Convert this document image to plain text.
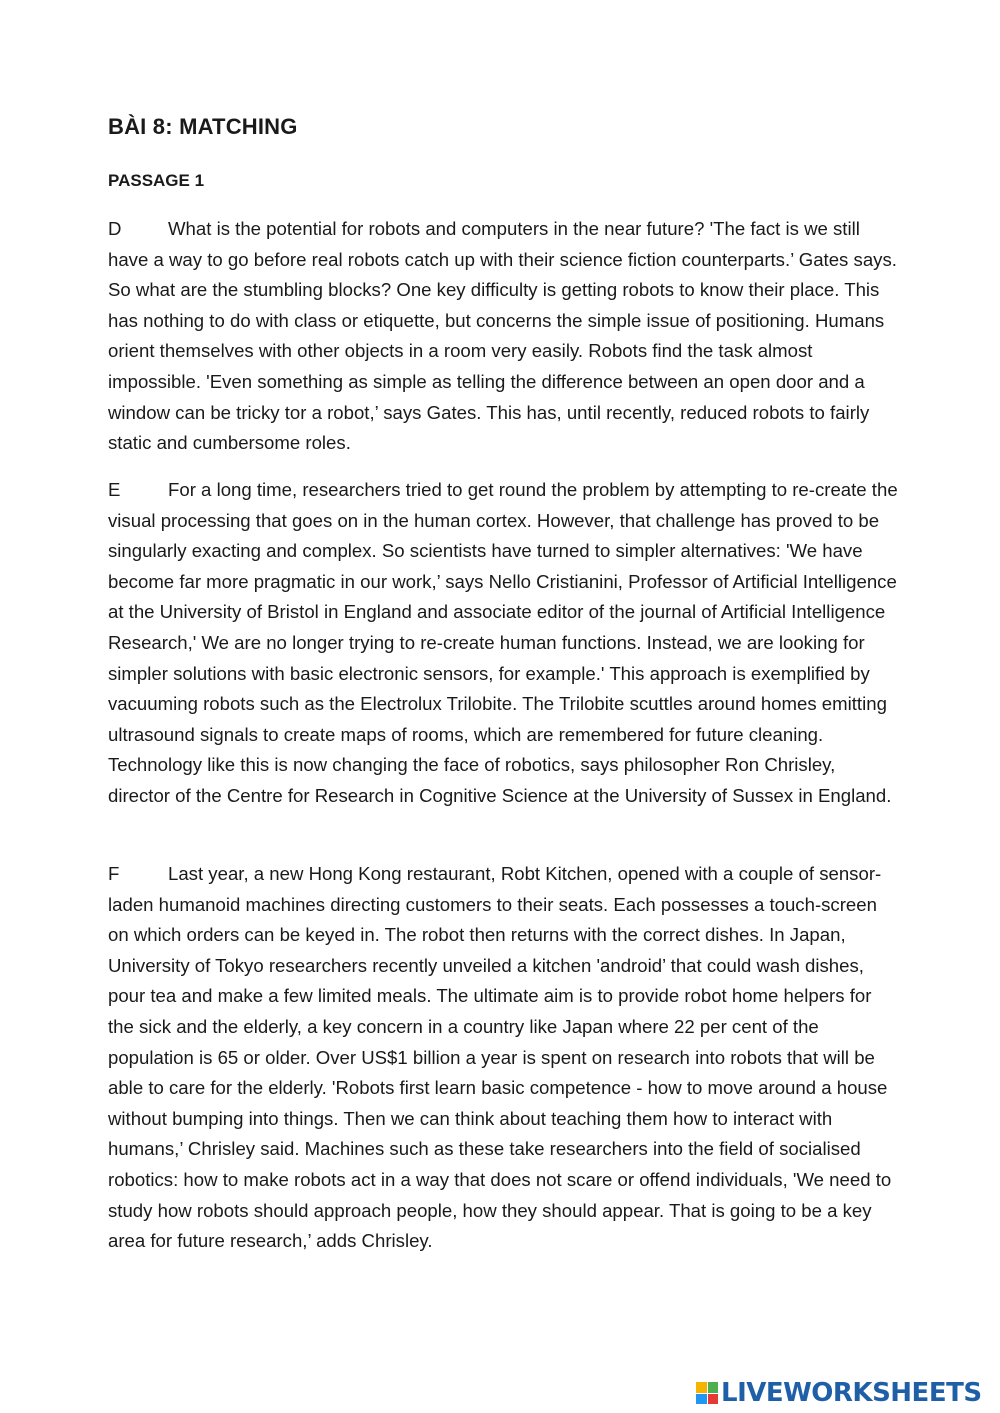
BÀI 8: MATCHING
PASSAGE 1

D	What is the potential for robots and computers in the near future? 'The fact is we still have a way to go before real robots catch up with their science fiction counterparts.’ Gates says. So what are the stumbling blocks? One key difficulty is getting robots to know their place. This has nothing to do with class or etiquette, but concerns the simple issue of positioning. Humans orient themselves with other objects in a room very easily. Robots find the task almost impossible. 'Even something as simple as telling the difference between an open door and a window can be tricky tor a robot,’ says Gates. This has, until recently, reduced robots to fairly static and cumbersome roles.

E	For a long time, researchers tried to get round the problem by attempting to re-create the visual processing that goes on in the human cortex. However, that challenge has proved to be singularly exacting and complex. So scientists have turned to simpler alternatives: 'We have become far more pragmatic in our work,’ says Nello Cristianini, Professor of Artificial Intelligence at the University of Bristol in England and associate editor of the journal of Artificial Intelligence Research,' We are no longer trying to re-create human functions. Instead, we are looking for simpler solutions with basic electronic sensors, for example.' This approach is exemplified by vacuuming robots such as the Electrolux Trilobite. The Trilobite scuttles around homes emitting ultrasound signals to create maps of rooms, which are remembered for future cleaning. Technology like this is now changing the face of robotics, says philosopher Ron Chrisley, director of the Centre for Research in Cognitive Science at the University of Sussex in England.

F	Last year, a new Hong Kong restaurant, Robt Kitchen, opened with a couple of sensor-laden humanoid machines directing customers to their seats. Each possesses a touch-screen on which orders can be keyed in. The robot then returns with the correct dishes. In Japan, University of Tokyo researchers recently unveiled a kitchen 'android’ that could wash dishes, pour tea and make a few limited meals. The ultimate aim is to provide robot home helpers for the sick and the elderly, a key concern in a country like Japan where 22 per cent of the population is 65 or older. Over US$1 billion a year is spent on research into robots that will be able to care for the elderly. 'Robots first learn basic competence - how to move around a house without bumping into things. Then we can think about teaching them how to interact with humans,’ Chrisley said. Machines such as these take researchers into the field of socialised robotics: how to make robots act in a way that does not scare or offend individuals, 'We need to study how robots should approach people, how they should appear. That is going to be a key area for future research,’ adds Chrisley.

LIVEWORKSHEETS
